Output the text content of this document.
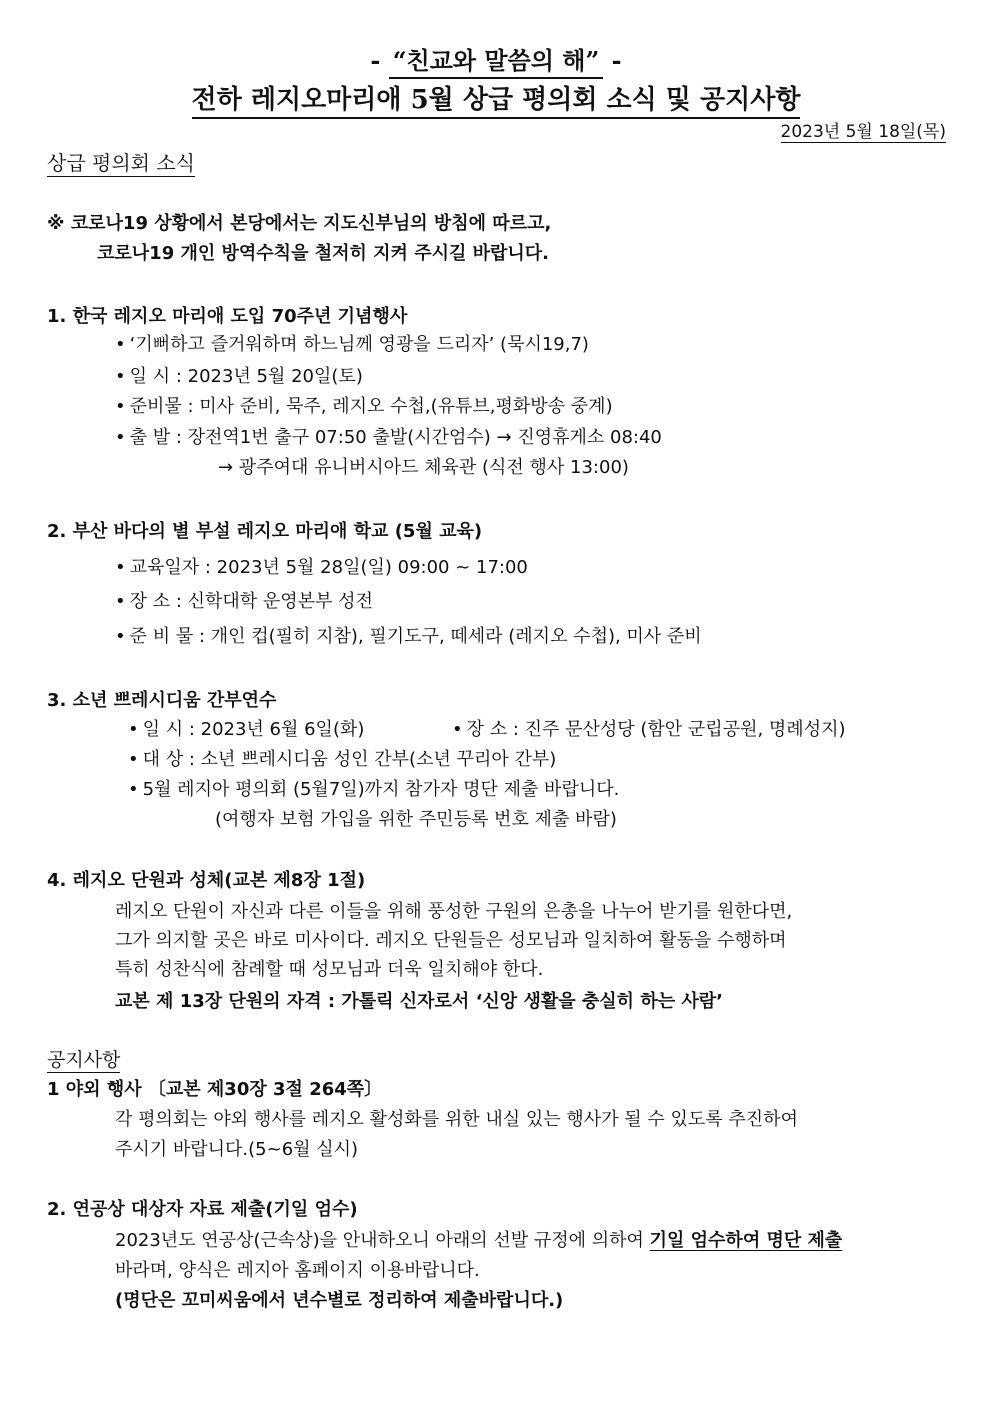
- “친교와 말씀의 해” -
전하 레지오마리애 5월 상급 평의회 소식 및 공지사항
2023년 5월 18일(목)
상급 평의회 소식
※ 코로나19 상황에서 본당에서는 지도신부님의 방침에 따르고,
코로나19 개인 방역수칙을 철저히 지켜 주시길 바랍니다.
1. 한국 레지오 마리애 도입 70주년 기념행사
• ‘기뻐하고 즐거워하며 하느님께 영광을 드리자’ (묵시19,7)
• 일 시 : 2023년 5월 20일(토)
• 준비물 : 미사 준비, 묵주, 레지오 수첩,(유튜브,평화방송 중계)
• 출 발 : 장전역1번 출구 07:50 출발(시간엄수) → 진영휴게소 08:40
→ 광주여대 유니버시아드 체육관 (식전 행사 13:00)
2. 부산 바다의 별 부설 레지오 마리애 학교 (5월 교육)
• 교육일자 : 2023년 5월 28일(일) 09:00 ~ 17:00
• 장 소 : 신학대학 운영본부 성전
• 준 비 물 : 개인 컵(필히 지참), 필기도구, 떼세라 (레지오 수첩), 미사 준비
3. 소년 쁘레시디움 간부연수
• 일 시 : 2023년 6월 6일(화)
•	장 소 : 진주 문산성당 (함안 군립공원, 명례성지)
• 대 상 : 소년 쁘레시디움 성인 간부(소년 꾸리아 간부)
• 5월 레지아 평의회 (5월7일)까지 참가자 명단 제출 바랍니다.
(여행자 보험 가입을 위한 주민등록 번호 제출 바람)
4. 레지오 단원과 성체(교본 제8장 1절)
레지오 단원이 자신과 다른 이들을 위해 풍성한 구원의 은총을 나누어 받기를 원한다면,
그가 의지할 곳은 바로 미사이다. 레지오 단원들은 성모님과 일치하여 활동을 수행하며
특히 성찬식에 참례할 때 성모님과 더욱 일치해야 한다.
교본 제 13장 단원의 자격 : 가톨릭 신자로서 ‘신앙 생활을 충실히 하는 사람’
공지사항
1 야외 행사 〔교본 제30장 3절 264쪽〕
각 평의회는 야외 행사를 레지오 활성화를 위한 내실 있는 행사가 될 수 있도록 추진하여
주시기 바랍니다.(5~6월 실시)
2. 연공상 대상자 자료 제출(기일 엄수)
2023년도 연공상(근속상)을 안내하오니 아래의 선발 규정에 의하여 기일 엄수하여 명단 제출
바라며, 양식은 레지아 홈페이지 이용바랍니다.
(명단은 꼬미씨움에서 년수별로 정리하여 제출바랍니다.)
